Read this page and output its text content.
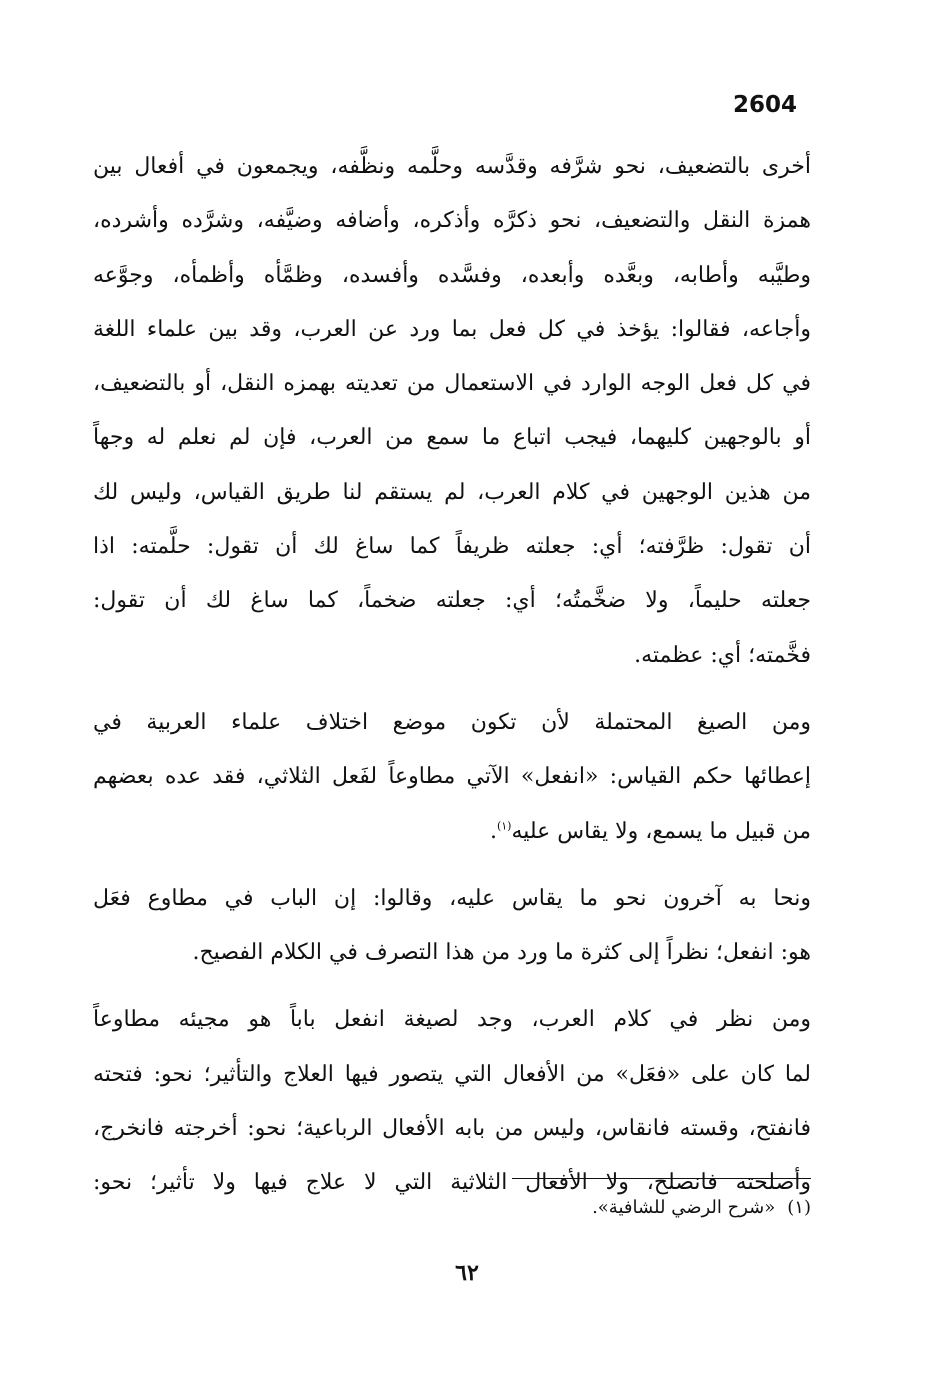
2604
أخرى بالتضعيف، نحو شرَّفه وقدَّسه وحلَّمه ونظَّفه، ويجمعون في أفعال بين
همزة النقل والتضعيف، نحو ذكرَّه وأذكره، وأضافه وضيَّفه، وشرَّده وأشرده،
وطيَّبه وأطابه، وبعَّده وأبعده، وفسَّده وأفسده، وظمَّأه وأظمأه، وجوَّعه
وأجاعه، فقالوا: يؤخذ في كل فعل بما ورد عن العرب، وقد بين علماء اللغة
في كل فعل الوجه الوارد في الاستعمال من تعديته بهمزه النقل، أو بالتضعيف،
أو بالوجهين كليهما، فيجب اتباع ما سمع من العرب، فإن لم نعلم له وجهاً
من هذين الوجهين في كلام العرب، لم يستقم لنا طريق القياس، وليس لك
أن تقول: ظرَّفته؛ أي: جعلته ظريفاً كما ساغ لك أن تقول: حلَّمته: اذا
جعلته حليماً، ولا ضخَّمتُه؛ أي: جعلته ضخماً، كما ساغ لك أن تقول:
فخَّمته؛ أي: عظمته.
ومن الصيغ المحتملة لأن تكون موضع اختلاف علماء العربية في
إعطائها حكم القياس: «انفعل» الآتي مطاوعاً لفَعل الثلاثي، فقد عده بعضهم
من قبيل ما يسمع، ولا يقاس عليه$^{(١)}$.
ونحا به آخرون نحو ما يقاس عليه، وقالوا: إن الباب في مطاوع فعَل
هو: انفعل؛ نظراً إلى كثرة ما ورد من هذا التصرف في الكلام الفصيح.
ومن نظر في كلام العرب، وجد لصيغة انفعل باباً هو مجيئه مطاوعاً
لما كان على «فعَل» من الأفعال التي يتصور فيها العلاج والتأثير؛ نحو: فتحته
فانفتح، وقسته فانقاس، وليس من بابه الأفعال الرباعية؛ نحو: أخرجته فانخرج،
وأصلحته فانصلح، ولا الأفعال الثلاثية التي لا علاج فيها ولا تأثير؛ نحو:
(١)«شرح الرضي للشافية».
٦٢
